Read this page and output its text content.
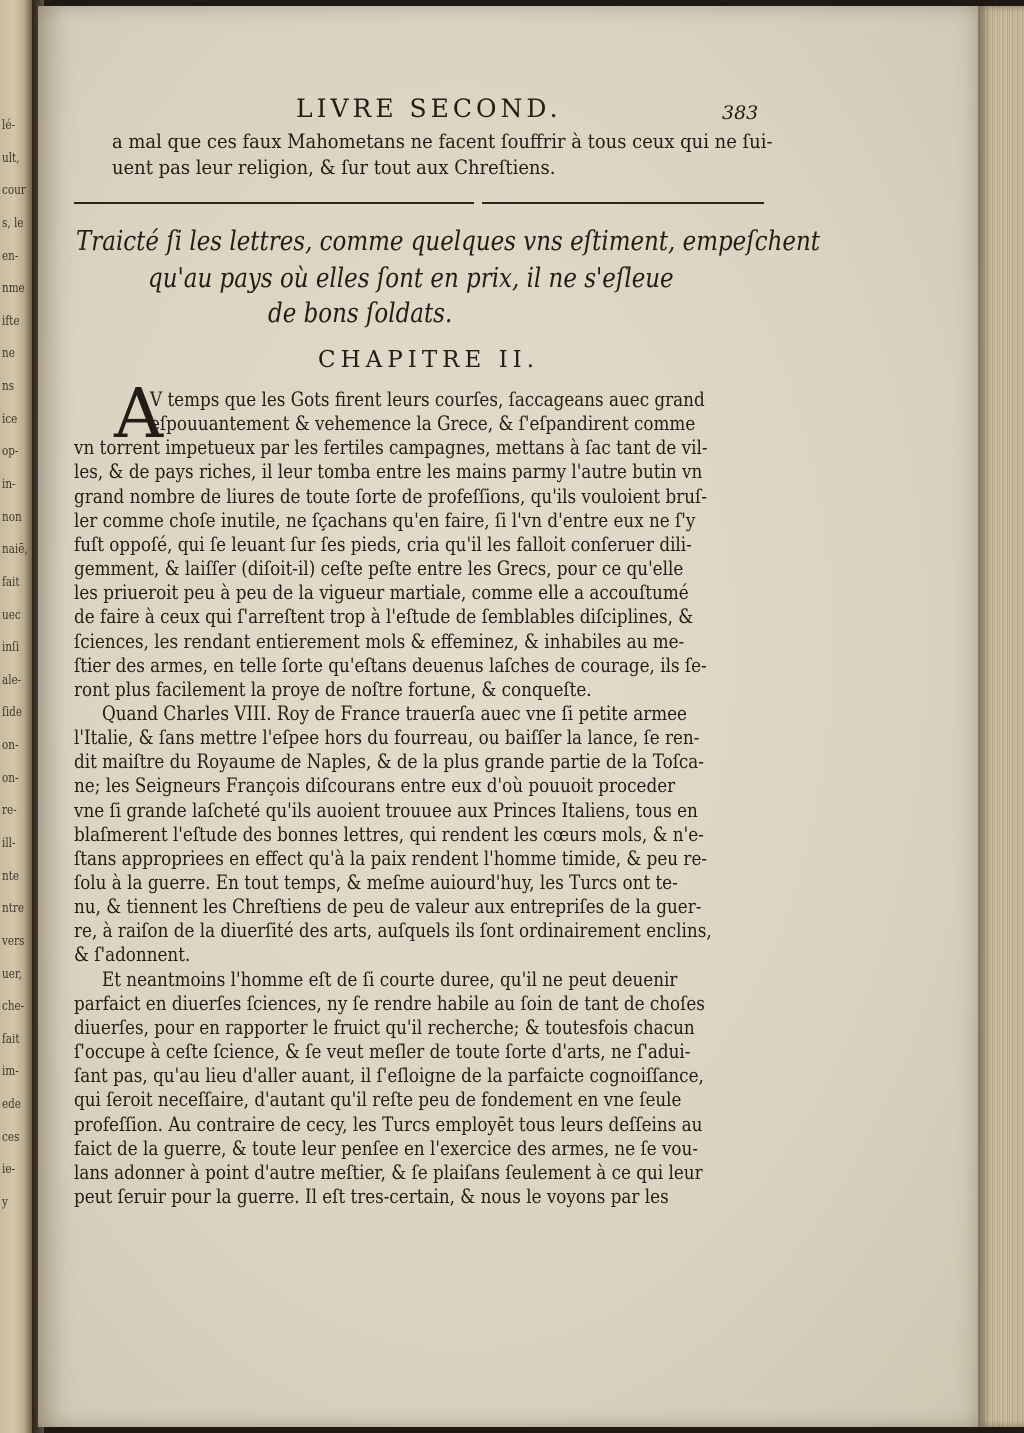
lé-
ult,
cour
s, le
en-
nme
ifte
ne
ns
ice
op-
in-
non
naiē,
fait
uec
inſi
ale-
ſide
on-
on-
re-
ill-
nte
ntre
vers
uer,
che-
fait
im-
ede
ces
ie-
y
LIVRE SECOND.	383
a mal que ces faux Mahometans ne facent ſouffrir à tous ceux qui ne ſui-
uent pas leur religion, & ſur tout aux Chreſtiens.
Traicté ſi les lettres, comme quelques vns eſtiment, empeſchent
qu'au pays où elles ſont en prix, il ne s'eſleue
de bons ſoldats.
CHAPITRE II.
A
V temps que les Gots firent leurs courſes, ſaccageans auec grand
eſpouuantement & vehemence la Grece, & ſ'eſpandirent comme
vn torrent impetueux par les fertiles campagnes, mettans à ſac tant de vil-
les, & de pays riches, il leur tomba entre les mains parmy l'autre butin vn
grand nombre de liures de toute ſorte de profeſſions, qu'ils vouloient bruſ-
ler comme choſe inutile, ne ſçachans qu'en faire, ſi l'vn d'entre eux ne ſ'y
fuſt oppoſé, qui ſe leuant ſur ſes pieds, cria qu'il les falloit conſeruer dili-
gemment, & laiſſer (diſoit-il) ceſte peſte entre les Grecs, pour ce qu'elle
les priueroit peu à peu de la vigueur martiale, comme elle a accouſtumé
de faire à ceux qui ſ'arreſtent trop à l'eſtude de ſemblables diſciplines, &
ſciences, les rendant entierement mols & effeminez, & inhabiles au me-
ſtier des armes, en telle ſorte qu'eſtans deuenus laſches de courage, ils ſe-
ront plus facilement la proye de noſtre fortune, & conqueſte.
Quand Charles VIII. Roy de France trauerſa auec vne ſi petite armee
l'Italie, & ſans mettre l'eſpee hors du fourreau, ou baiſſer la lance, ſe ren-
dit maiſtre du Royaume de Naples, & de la plus grande partie de la Toſca-
ne; les Seigneurs François diſcourans entre eux d'où pouuoit proceder
vne ſi grande laſcheté qu'ils auoient trouuee aux Princes Italiens, tous en
blaſmerent l'eſtude des bonnes lettres, qui rendent les cœurs mols, & n'e-
ſtans appropriees en effect qu'à la paix rendent l'homme timide, & peu re-
ſolu à la guerre. En tout temps, & meſme auiourd'huy, les Turcs ont te-
nu, & tiennent les Chreſtiens de peu de valeur aux entrepriſes de la guer-
re, à raiſon de la diuerſité des arts, auſquels ils ſont ordinairement enclins,
& ſ'adonnent.
Et neantmoins l'homme eſt de ſi courte duree, qu'il ne peut deuenir
parfaict en diuerſes ſciences, ny ſe rendre habile au ſoin de tant de choſes
diuerſes, pour en rapporter le fruict qu'il recherche; & toutesfois chacun
ſ'occupe à ceſte ſcience, & ſe veut meſler de toute ſorte d'arts, ne ſ'adui-
ſant pas, qu'au lieu d'aller auant, il ſ'eſloigne de la parfaicte cognoiſſance,
qui ſeroit neceſſaire, d'autant qu'il reſte peu de fondement en vne ſeule
profeſſion. Au contraire de cecy, les Turcs employēt tous leurs deſſeins au
faict de la guerre, & toute leur penſee en l'exercice des armes, ne ſe vou-
lans adonner à point d'autre meſtier, & ſe plaiſans ſeulement à ce qui leur
peut ſeruir pour la guerre. Il eſt tres-certain, & nous le voyons par les
